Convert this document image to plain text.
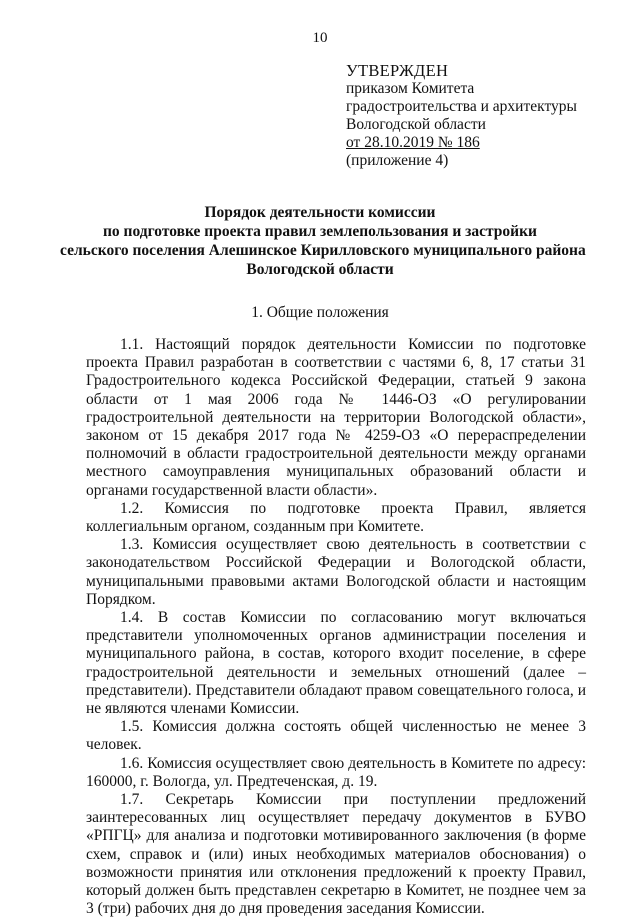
10
УТВЕРЖДЕН
приказом Комитета
градостроительства и архитектуры
Вологодской области
от 28.10.2019 № 186
(приложение 4)
Порядок деятельности комиссии
по подготовке проекта правил землепользования и застройки
сельского поселения Алешинское Кирилловского муниципального района
Вологодской области
1. Общие положения

1.1. Настоящий порядок деятельности Комиссии по подготовке проекта Правил разработан в соответствии с частями 6, 8, 17 статьи 31 Градостроительного кодекса Российской Федерации, статьей 9 закона области от 1 мая 2006 года № 1446-ОЗ «О регулировании градостроительной деятельности на территории Вологодской области», законом от 15 декабря 2017 года № 4259-ОЗ «О перераспределении полномочий в области градостроительной деятельности между органами местного самоуправления муниципальных образований области и органами государственной власти области».

1.2. Комиссия по подготовке проекта Правил, является коллегиальным органом, созданным при Комитете.

1.3. Комиссия осуществляет свою деятельность в соответствии с законодательством Российской Федерации и Вологодской области, муниципальными правовыми актами Вологодской области и настоящим Порядком.

1.4. В состав Комиссии по согласованию могут включаться представители уполномоченных органов администрации поселения и муниципального района, в состав, которого входит поселение, в сфере градостроительной деятельности и земельных отношений (далее – представители). Представители обладают правом совещательного голоса, и не являются членами Комиссии.

1.5. Комиссия должна состоять общей численностью не менее 3 человек.

1.6. Комиссия осуществляет свою деятельность в Комитете по адресу: 160000, г. Вологда, ул. Предтеченская, д. 19.

1.7. Секретарь Комиссии при поступлении предложений заинтересованных лиц осуществляет передачу документов в БУВО «РПГЦ» для анализа и подготовки мотивированного заключения (в форме схем, справок и (или) иных необходимых материалов обоснования) о возможности принятия или отклонения предложений к проекту Правил, который должен быть представлен секретарю в Комитет, не позднее чем за 3 (три) рабочих дня до дня проведения заседания Комиссии.
